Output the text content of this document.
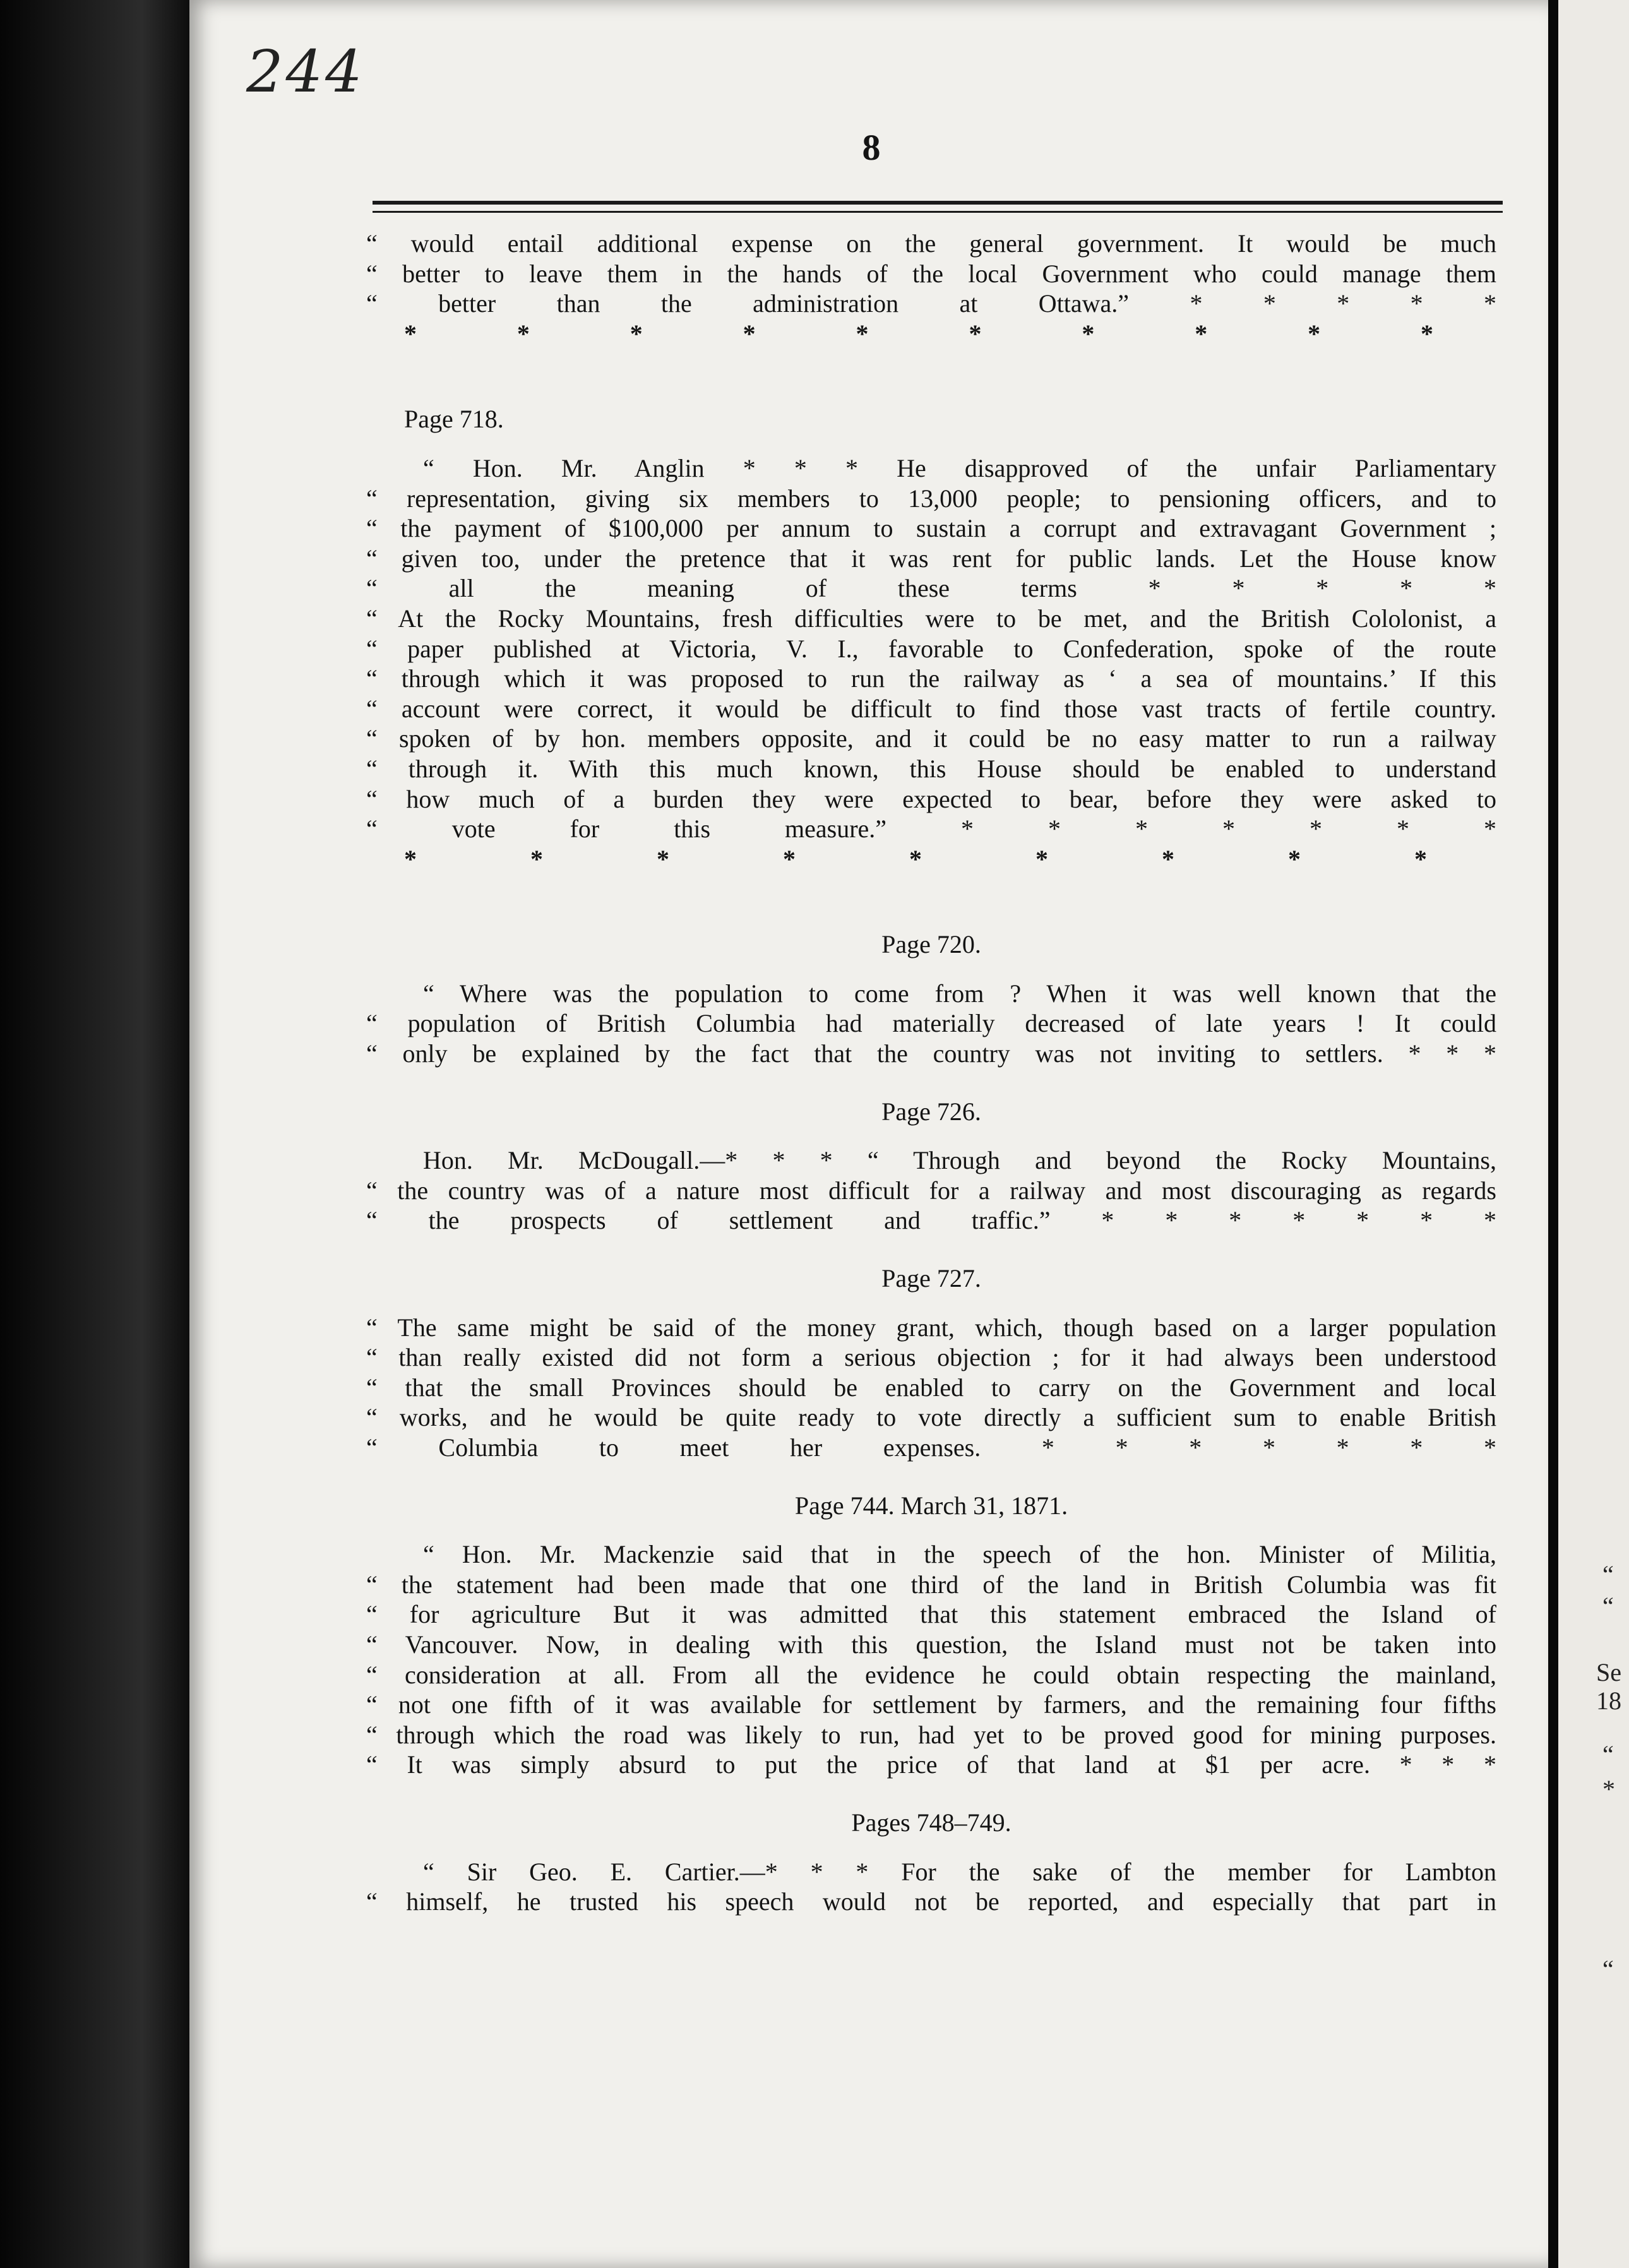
244
8

“ would entail additional expense on the general government. It would be much

“ better to leave them in the hands of the local Government who could manage them

“ better than the administration at Ottawa.” * * * * *

* * * * * * * * * *

Page 718.

“ Hon. Mr. Anglin * * * He disapproved of the unfair Parliamentary

“ representation, giving six members to 13,000 people; to pensioning officers, and to

“ the payment of $100,000 per annum to sustain a corrupt and extravagant Government ;

“ given too, under the pretence that it was rent for public lands. Let the House know

“ all the meaning of these terms * * * * *

“ At the Rocky Mountains, fresh difficulties were to be met, and the British Cololonist, a

“ paper published at Victoria, V. I., favorable to Confederation, spoke of the route

“ through which it was proposed to run the railway as ‘ a sea of mountains.’ If this

“ account were correct, it would be difficult to find those vast tracts of fertile country.

“ spoken of by hon. members opposite, and it could be no easy matter to run a railway

“ through it. With this much known, this House should be enabled to understand

“ how much of a burden they were expected to bear, before they were asked to

“ vote for this measure.” * * * * * * *

* * * * * * * * *

Page 720.

“ Where was the population to come from ? When it was well known that the

“ population of British Columbia had materially decreased of late years ! It could

“ only be explained by the fact that the country was not inviting to settlers. * * *

Page 726.

Hon. Mr. McDougall.—* * * “ Through and beyond the Rocky Mountains,

“ the country was of a nature most difficult for a railway and most discouraging as regards

“ the prospects of settlement and traffic.” * * * * * * *

Page 727.

“ The same might be said of the money grant, which, though based on a larger population

“ than really existed did not form a serious objection ; for it had always been understood

“ that the small Provinces should be enabled to carry on the Government and local

“ works, and he would be quite ready to vote directly a sufficient sum to enable British

“ Columbia to meet her expenses. * * * * * * *

Page 744. March 31, 1871.

“ Hon. Mr. Mackenzie said that in the speech of the hon. Minister of Militia,

“ the statement had been made that one third of the land in British Columbia was fit

“ for agriculture But it was admitted that this statement embraced the Island of

“ Vancouver. Now, in dealing with this question, the Island must not be taken into

“ consideration at all. From all the evidence he could obtain respecting the mainland,

“ not one fifth of it was available for settlement by farmers, and the remaining four fifths

“ through which the road was likely to run, had yet to be proved good for mining purposes.

“ It was simply absurd to put the price of that land at $1 per acre. * * *

Pages 748–749.

“ Sir Geo. E. Cartier.—* * * For the sake of the member for Lambton

“ himself, he trusted his speech would not be reported, and especially that part in

“
“
Se
18
“
*
“
